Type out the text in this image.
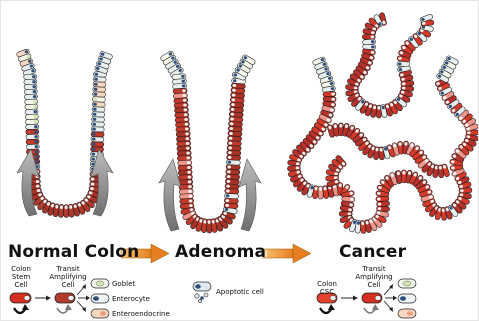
Normal Colon Adenoma	Cancer
Colon
Stem
Cell
Transit
Amplifying
Cell	Goblet
Enterocyte
Enteroendocrine
Apoptotic cell
Colon
CSC
Transit
Amplifying
Cell
